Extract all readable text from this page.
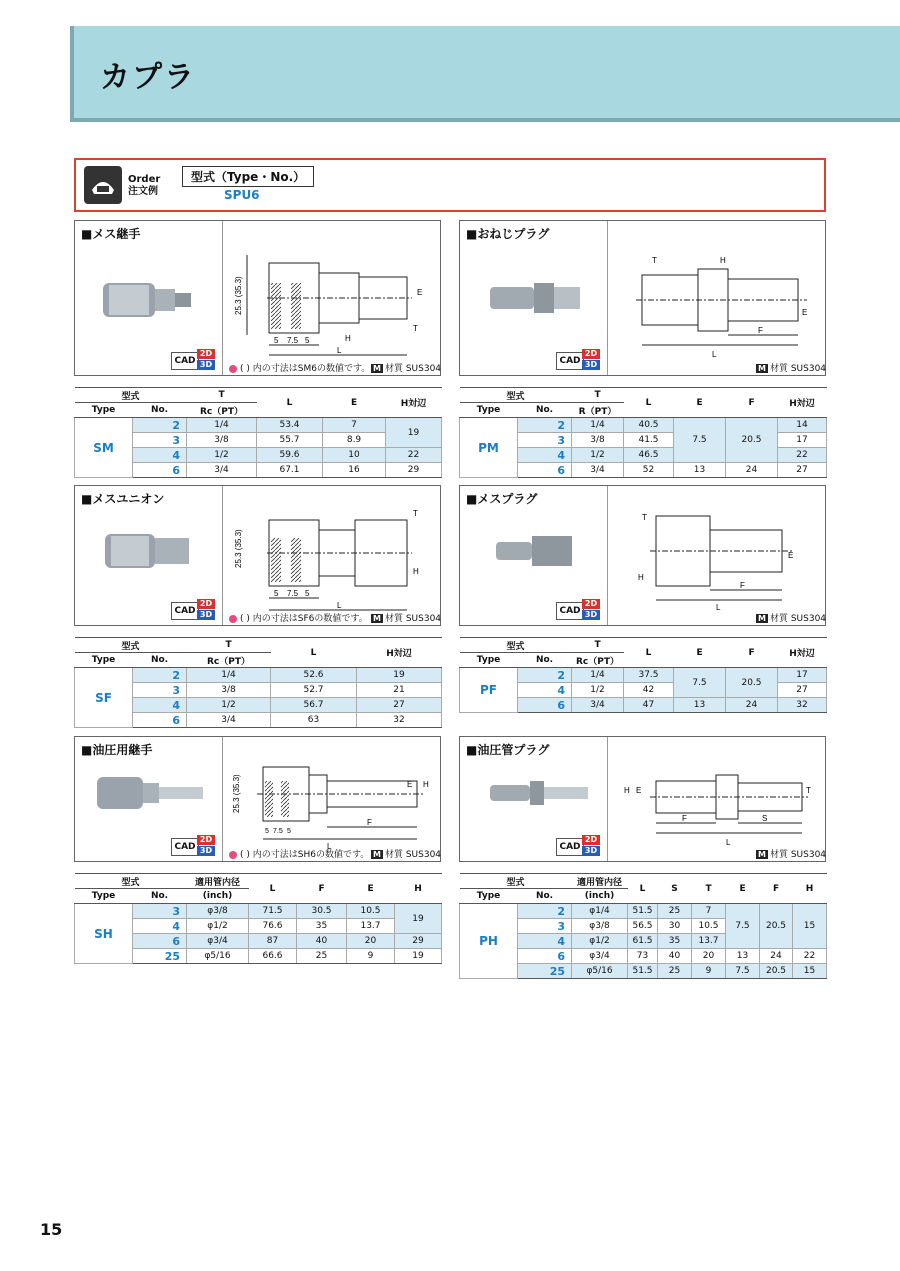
カプラ
Order
注文例
型式（Type・No.）
SPU6
■メス継手
CAD
2D
3D
25.3 (35.3)
5 7.5 5	H
L
T
E
( ) 内の寸法はSM6の数値です。 M 材質 SUS304
型式		T	L	E	H対辺
Type	No.	Rc（PT）			
SM	2	1/4	53.4	7	19
	3	3/8	55.7	8.9	
	4	1/2	59.6	10	22
	6	3/4	67.1	16	29
■おねじプラグ
CAD
2D
3D
T	H
E
L
F
M 材質 SUS304
型式		T	L	E	F	H対辺
Type	No.	R（PT）				
PM	2	1/4	40.5	7.5	20.5	14
	3	3/8	41.5			17
	4	1/2	46.5			22
	6	3/4	52	13	24	27
■メスユニオン
CAD
2D
3D
25.3 (35.3)
5 7.5 5
L
T
H
( ) 内の寸法はSF6の数値です。 M 材質 SUS304
型式		T	L	H対辺
Type	No.	Rc（PT）		
SF	2	1/4	52.6	19
	3	3/8	52.7	21
	4	1/2	56.7	27
	6	3/4	63	32
■メスプラグ
CAD
2D
3D
T
E
H
F
L
M 材質 SUS304
型式		T	L	E	F	H対辺
Type	No.	Rc（PT）				
PF	2	1/4	37.5	7.5	20.5	17
	4	1/2	42			27
	6	3/4	47	13	24	32
■油圧用継手
CAD
2D
3D
25.3 (35.3)
5 7.5 5
F
L
E H
( ) 内の寸法はSH6の数値です。 M 材質 SUS304
型式		適用管内径	L	F	E	H
Type	No.	(inch)				
SH	3	φ3/8	71.5	30.5	10.5	19
	4	φ1/2	76.6	35	13.7	
	6	φ3/4	87	40	20	29
	25	φ5/16	66.6	25	9	19
■油圧管プラグ
CAD
2D
3D
H E
F	S
T
L
M 材質 SUS304
型式		適用管内径	L	S	T	E	F	H
Type	No.	(inch)						
PH	2	φ1/4	51.5	25	7	7.5	20.5	15
	3	φ3/8	56.5	30	10.5			
	4	φ1/2	61.5	35	13.7			
	6	φ3/4	73	40	20	13	24	22
	25	φ5/16	51.5	25	9	7.5	20.5	15
15
